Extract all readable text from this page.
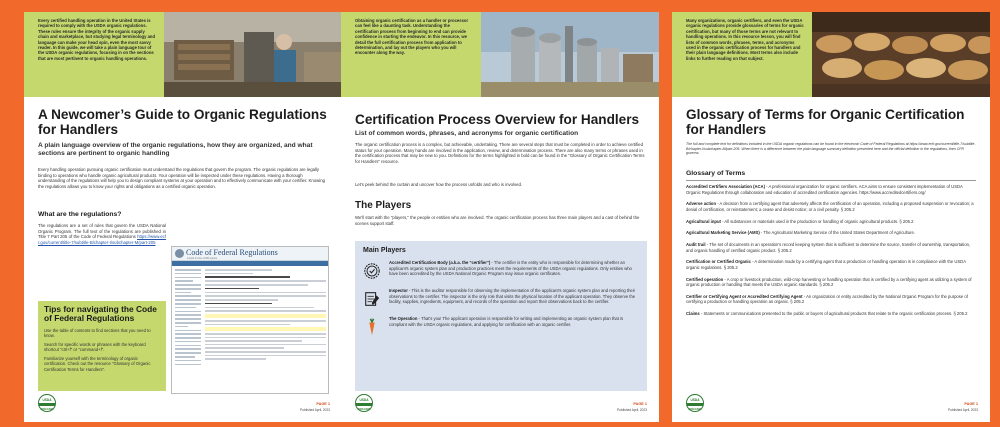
Every certified handling operation in the United States is required to comply with the USDA organic regulations. These rules ensure the integrity of the organic supply chain and marketplace, but studying legal terminology and language can make your head spin, even the most savvy reader. In this guide, we will take a plain language tour of the USDA organic regulations, focusing in on the sections that are most pertinent to organic handling operations.
A Newcomer’s Guide to Organic Regulations for Handlers
A plain language overview of the organic regulations, how they are organized, and what sections are pertinent to organic handling
Every handling operation pursuing organic certification must understand the regulations that govern the program. The organic regulations are legally binding to operations who handle organic agricultural products. Your operation will be inspected under these regulations. Having a thorough understanding of the regulations will help you to design compliant systems at your operation and to effectively communicate with your certifier. Knowing the regulations allows you to know your rights and obligations as a certified organic operation.
What are the regulations?
The regulations are a set of rules that govern the USDA National Organic Program. The full text of the regulations are published in Title 7 Part 205 of the Code of Federal Regulations https://www.ecfr.gov/current/title-7/subtitle-B/chapter-I/subchapter-M/part-205
Code of Federal Regulations
A point in time eCFR system
Tips for navigating the Code of Federal Regulations
Use the table of contents to find sections that you need to know.
Search for specific words or phrases with the keyboard shortcut "ctrl+f" or "command+f".
Familiarize yourself with the terminology of organic certification. Check out the resource "Glossary of Organic Certification Terms for Handlers".
USDA
ORGANIC
PAGE 1
Published April, 2023
Obtaining organic certification as a handler or processor can feel like a daunting task. Understanding the certification process from beginning to end can provide confidence in starting the endeavor. In this resource, we detail the full certification process from application to determination, and lay out the players who you will encounter along the way.
Certification Process Overview for Handlers
List of common words, phrases, and acronyms for organic certification
The organic certification process is a complex, but achievable, undertaking. There are several steps that must be completed in order to achieve certified status for your operation. Many hands are involved in the application, review, and determination process. There are also many terms or phrases used in the certification process that may be new to you. Definitions for the terms highlighted in bold can be found in the "Glossary of Organic Certification Terms for Handlers" resource.
Let's peek behind the curtain and uncover how the process unfolds and who is involved.
The Players
We'll start with the "players," the people or entities who are involved. The organic certification process has three main players and a cast of behind the scenes support staff.
Main Players
Accredited Certification Body (a.k.a. the "certifier") - The certifier is the entity who is responsible for determining whether an applicant's organic system plan and production practices meet the requirements of the USDA organic regulations. Only entities who have been accredited by the USDA National Organic Program may issue organic certificates.
Inspector - This is the auditor responsible for observing the implementation of the applicant's organic system plan and reporting their observations to the certifier. The inspector is the only role that visits the physical location of the applicant operation. They observe the facility, supplies, ingredients, equipment, and records of the operation and report their observations back to the certifier.
The Operation - That's you! The applicant operation is responsible for writing and implementing an organic system plan that is compliant with the USDA organic regulations, and applying for certification with an organic certifier.
USDA
ORGANIC
PAGE 1
Published April, 2023
Many organizations, organic certifiers, and even the USDA organic regulations provide glossaries of terms for organic certification, but many of those terms are not relevant to handling operations. In this resource lesson, you will find lists of common words, phrases, terms, and acronyms used in the organic certification process for handlers and their plain language definitions. Most terms also include links to further reading on that subject.
Glossary of Terms for Organic Certification for Handlers
The full and complete text for definitions included in the USDA organic regulations can be found in the electronic Code of Federal Regulations at https://www.ecfr.gov/current/title-7/subtitle-B/chapter-I/subchapter-M/part-205. When there is a difference between the plain language summary definition presented here and the official definition in the regulations, then CFR governs.
Glossary of Terms
Accredited Certifiers Association (ACA) - A professional organization for organic certifiers. ACA aims to ensure consistent implementation of USDA Organic Regulations through collaboration and education of accredited certification agencies. https://www.accreditedcertifiers.org/
Adverse action - A decision from a certifying agent that adversely affects the certification of an operation, including a proposed suspension or revocation; a denial of certification, or reinstatement; a cease and desist notice; or a civil penalty. § 205.2
Agricultural input - All substances or materials used in the production or handling of organic agricultural products. § 205.2
Agricultural Marketing Service (AMS) - The Agricultural Marketing Service of the United States Department of Agriculture.
Audit trail - The set of documents in an operation's record keeping system that is sufficient to determine the source, transfer of ownership, transportation, and organic handling of certified organic product. § 205.2
Certification or Certified Organic - A determination made by a certifying agent that a production or handling operation is in compliance with the USDA organic regulations. § 205.2
Certified operation - A crop or livestock production, wild-crop harvesting or handling operation that is certified by a certifying agent as utilizing a system of organic production or handling that meets the USDA organic standards. § 205.2
Certifier or Certifying Agent or Accredited Certifying Agent - An organization or entity accredited by the National Organic Program for the purpose of certifying a production or handling operation as organic. § 205.2
Claims - Statements or communications presented to the public or buyers of agricultural products that relate to the organic certification process. § 205.2
USDA
ORGANIC
PAGE 1
Published April, 2023
